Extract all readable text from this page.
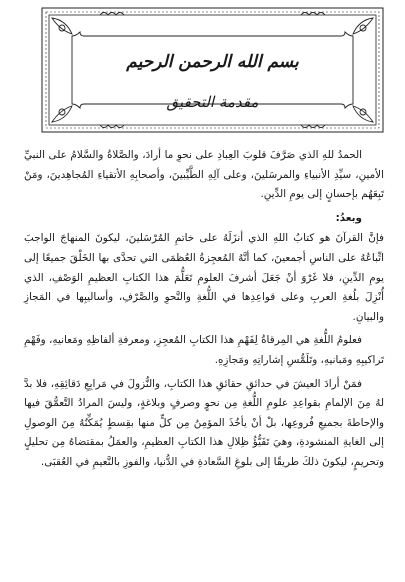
بسم الله الرحمن الرحيم
مقدمة التحقيق

الحمدُ للهِ الذي صَرَّفَ قلوبَ العِبادِ على نحوِ ما أرادَ، والصَّلاةُ والسَّلامُ على النبيِّ الأمينِ، سيِّدِ الأنبياءِ والمرسَلينَ، وعلى آلِهِ الطَّيِّبينَ، وأصحابِهِ الأتقياءِ المُجاهِدينَ، ومَنْ تَبِعَهُم بإحسانٍ إلى يومِ الدِّينِ.

وبعدُ:

فإنَّ القرآنَ هو كتابُ اللهِ الذي أنزَلَهُ على خاتمِ المُرْسَلينَ، ليكونَ المنهاجَ الواجبَ اتِّباعُهُ على الناسِ أجمعينَ، كما أنَّهُ المُعجِزةُ العُظمَى التي تحدَّى بها الخَلْقَ جميعًا إلى يومِ الدِّينِ، فلا غَرْوَ أنْ جَعَلَ أشرفَ العلومِ تَعَلُّمَ هذا الكتابِ العظيمِ الوَصْفِ، الذي أُنْزِلَ بلُغةِ العربِ وعلى قواعِدِها في اللُّغةِ والنَّحوِ والصَّرْفِ، وأساليبِها في المَجازِ والبيانِ.

فعلومُ اللُّغةِ هي المِرقاةُ لِفَهْمِ هذا الكتابِ المُعجِزِ، ومعرفةِ ألفاظِهِ ومَعانيهِ، وفَهْمِ تَراكيبِهِ ومَبانيهِ، وتَلَمُّسِ إشاراتِهِ ومَجازِهِ.

فمَنْ أرادَ العيشَ في حدائقِ حقائقِ هذا الكتابِ، والنُّزولَ في مَرابِعِ دَقائِقِهِ، فلا بدَّ لهُ مِنَ الإلمامِ بقواعِدِ علومِ اللُّغةِ مِن نحوٍ وصرفٍ وبلاغةٍ، وليسَ المرادُ التَّعمُّقَ فيها والإحاطةَ بجميعِ فُروعِها، بلْ أنْ يأخُذَ المؤمِنُ مِن كلٍّ منها بقِسطٍ يُمَكِّنُهُ مِنَ الوصولِ إلى الغايةِ المنشودةِ، وهيَ تَفَيُّؤُ ظِلالِ هذا الكتابِ العظيمِ، والعمَلُ بمقتضاهُ مِن تحليلٍ وتحريمٍ، ليكونَ ذلكَ طريقًا إلى بلوغِ السَّعادةِ في الدُّنيا، والفوزِ بالنَّعيمِ في العُقبَى.
